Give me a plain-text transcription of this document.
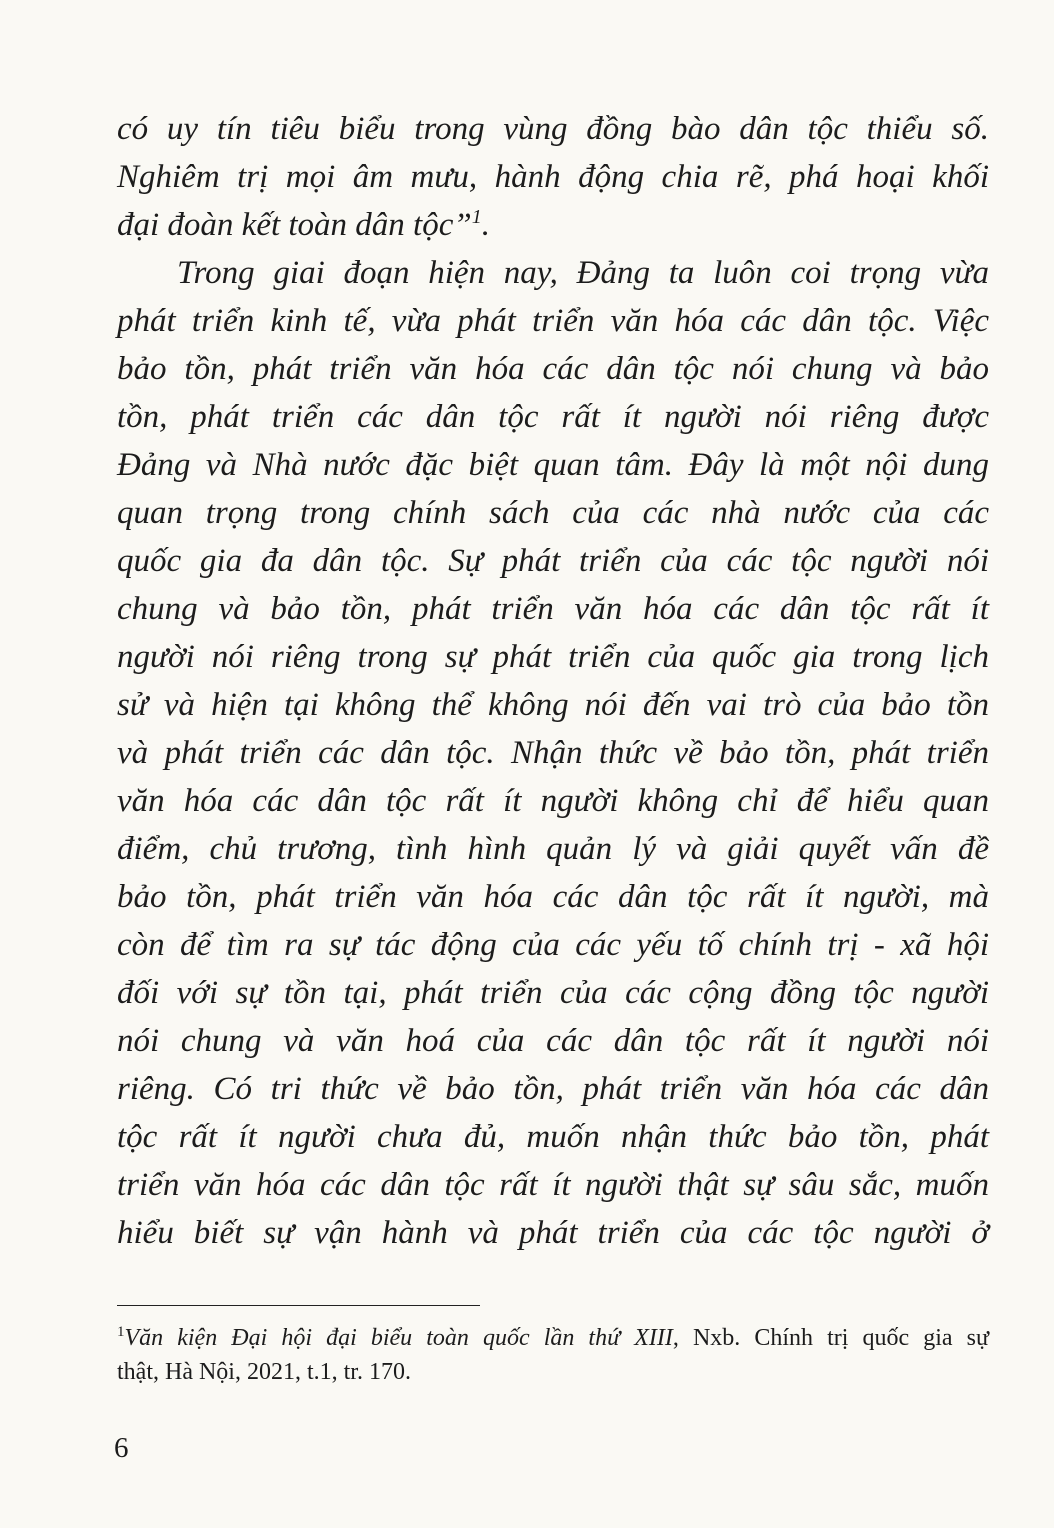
có uy tín tiêu biểu trong vùng đồng bào dân tộc thiểu số.
Nghiêm trị mọi âm mưu, hành động chia rẽ, phá hoại khối
đại đoàn kết toàn dân tộc”$^1$.
Trong giai đoạn hiện nay, Đảng ta luôn coi trọng vừa
phát triển kinh tế, vừa phát triển văn hóa các dân tộc. Việc
bảo tồn, phát triển văn hóa các dân tộc nói chung và bảo
tồn, phát triển các dân tộc rất ít người nói riêng được
Đảng và Nhà nước đặc biệt quan tâm. Đây là một nội dung
quan trọng trong chính sách của các nhà nước của các
quốc gia đa dân tộc. Sự phát triển của các tộc người nói
chung và bảo tồn, phát triển văn hóa các dân tộc rất ít
người nói riêng trong sự phát triển của quốc gia trong lịch
sử và hiện tại không thể không nói đến vai trò của bảo tồn
và phát triển các dân tộc. Nhận thức về bảo tồn, phát triển
văn hóa các dân tộc rất ít người không chỉ để hiểu quan
điểm, chủ trương, tình hình quản lý và giải quyết vấn đề
bảo tồn, phát triển văn hóa các dân tộc rất ít người, mà
còn để tìm ra sự tác động của các yếu tố chính trị - xã hội
đối với sự tồn tại, phát triển của các cộng đồng tộc người
nói chung và văn hoá của các dân tộc rất ít người nói
riêng. Có tri thức về bảo tồn, phát triển văn hóa các dân
tộc rất ít người chưa đủ, muốn nhận thức bảo tồn, phát
triển văn hóa các dân tộc rất ít người thật sự sâu sắc, muốn
hiểu biết sự vận hành và phát triển của các tộc người ở
$^1$Văn kiện Đại hội đại biểu toàn quốc lần thứ XIII, Nxb. Chính trị quốc gia sự
thật, Hà Nội, 2021, t.1, tr. 170.
6
